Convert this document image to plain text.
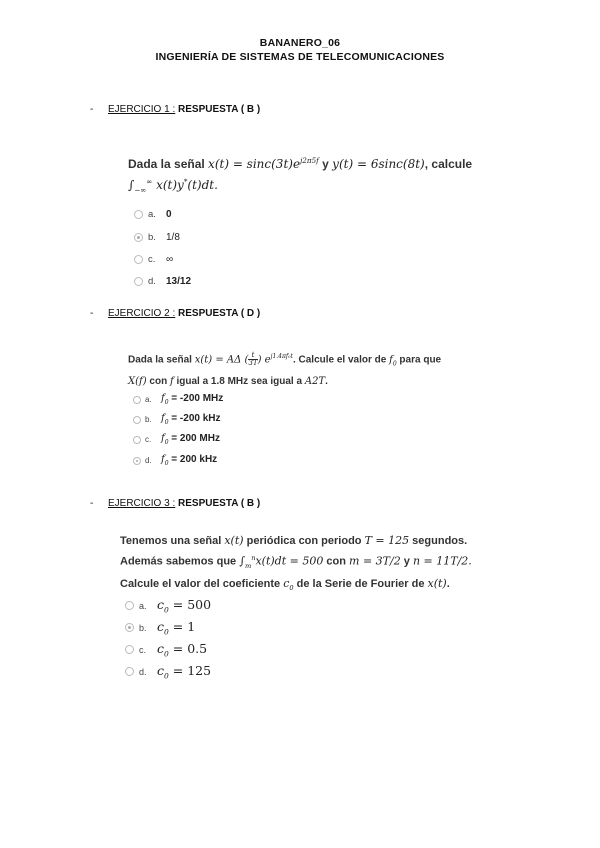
BANANERO_06
INGENIERÍA DE SISTEMAS DE TELECOMUNICACIONES
- EJERCICIO 1 : RESPUESTA ( B )
Dada la señal $x(t) = \sin c(3t)e^{j2\pi 5f}$ y y(t) = 6sinc(8t), calcule
$\int_{-\infty}^\infty$ x(t)y*(t)dt.
a.	0
b.	1/8
c.	∞
d.	13/12
- EJERCICIO 2 : RESPUESTA ( D )
Dada la señal x(t) = AΔ ( $\frac{t}{3T}$ ) $e^{j1.4\pi f_0t}$. Calcule el valor de $f_0$ para que
X(f) con f igual a 1.8 MHz sea igual a A2T.
a. $f_0 = -200$ MHz
b. $f_0 = -200$ kHz
c. $f_0 = 200$ MHz
d. $f_0 = 200$ kHz
- EJERCICIO 3 : RESPUESTA ( B )
Tenemos una señal x(t) periódica con periodo T = 125 segundos.
Además sabemos que $\int_m^nx(t)dt = 500$ con m = 3T/2 y n = 11T/2.
Calcule el valor del coeficiente $c_0$ de la Serie de Fourier de x(t).
a. $c_0 = 500$
b. $c_0 = 1$
c. $c_0 = 0.5$
d. $c_0 = 125$
